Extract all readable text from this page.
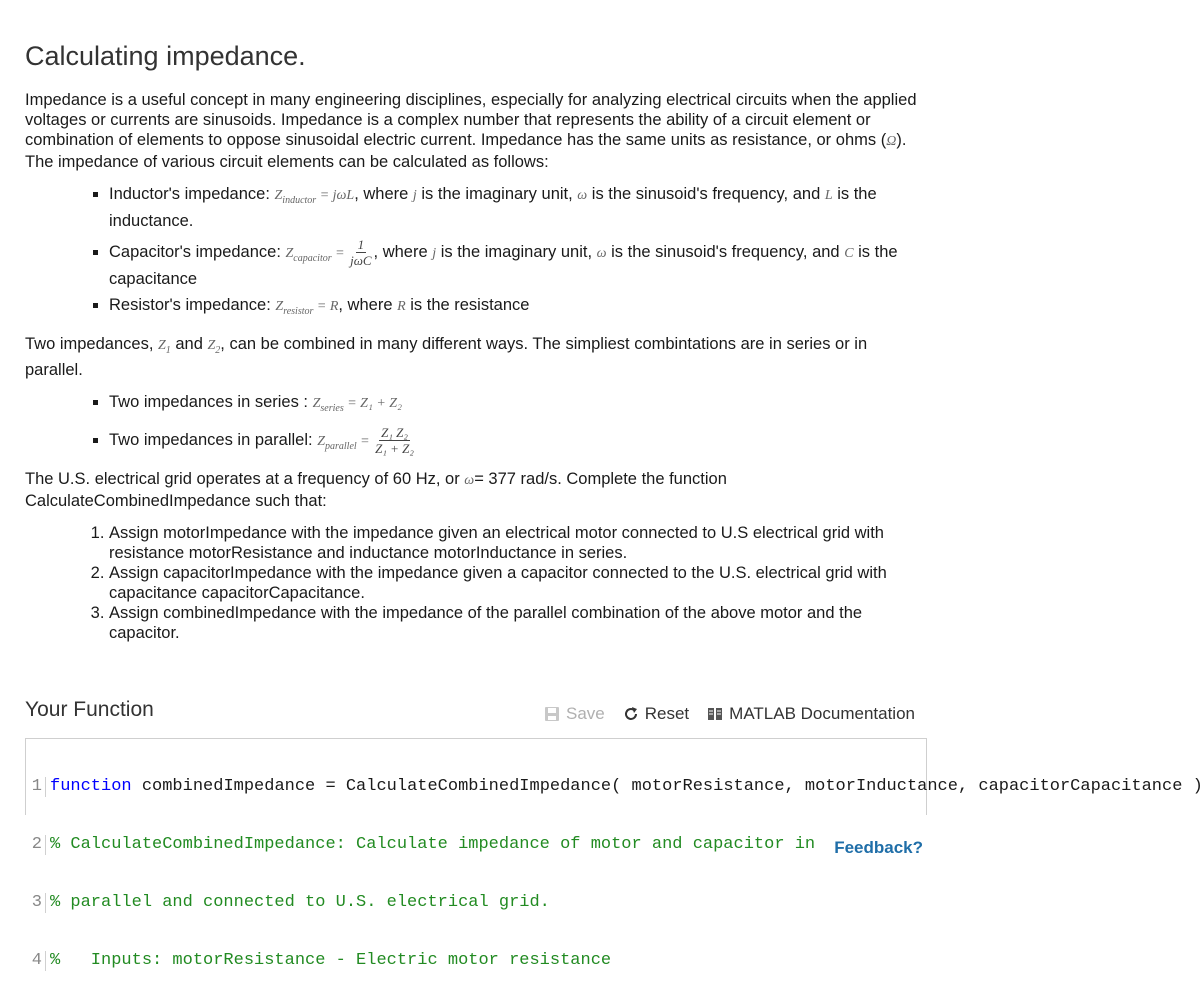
Calculating impedance.

Impedance is a useful concept in many engineering disciplines, especially for analyzing electrical circuits when the applied voltages or currents are sinusoids. Impedance is a complex number that represents the ability of a circuit element or combination of elements to oppose sinusoidal electric current. Impedance has the same units as resistance, or ohms (Ω). The impedance of various circuit elements can be calculated as follows:

▪ Inductor's impedance: $Z_{inductor} = j\omega L$, where j is the imaginary unit, ω is the sinusoid's frequency, and L is the inductance.
▪ Capacitor's impedance: $Z_{capacitor} = \frac{1}{\text{jωC}}$ , where j is the imaginary unit, ω is the sinusoid's frequency, and C is the capacitance
▪ Resistor's impedance: $Z_{resistor} = R$, where R is the resistance

Two impedances, $Z_1$ and $Z_2$, can be combined in many different ways. The simpliest combintations are in series or in parallel.

▪ Two impedances in series : $Z_{series} = Z_1 + Z_2$
▪ Two impedances in parallel: $Z_{parallel} = \frac{\text{Z₁ Z₂}}{\text{Z₁ + Z₂}}$

The U.S. electrical grid operates at a frequency of 60 Hz, or ω= 377 rad/s. Complete the function CalculateCombinedImpedance such that:

1. Assign motorImpedance with the impedance given an electrical motor connected to U.S electrical grid with resistance motorResistance and inductance motorInductance in series.
2. Assign capacitorImpedance with the impedance given a capacitor connected to the U.S. electrical grid with capacitance capacitorCapacitance.
3. Assign combinedImpedance with the impedance of the parallel combination of the above motor and the capacitor.
Your Function	Save Reset MATLAB Documentation

1 function combinedImpedance = CalculateCombinedImpedance( motorResistance, motorInductance, capacitorCapacitance )

2 % CalculateCombinedImpedance: Calculate impedance of motor and capacitor in

3 % parallel and connected to U.S. electrical grid.

4 %   Inputs: motorResistance - Electric motor resistance

Feedback?
